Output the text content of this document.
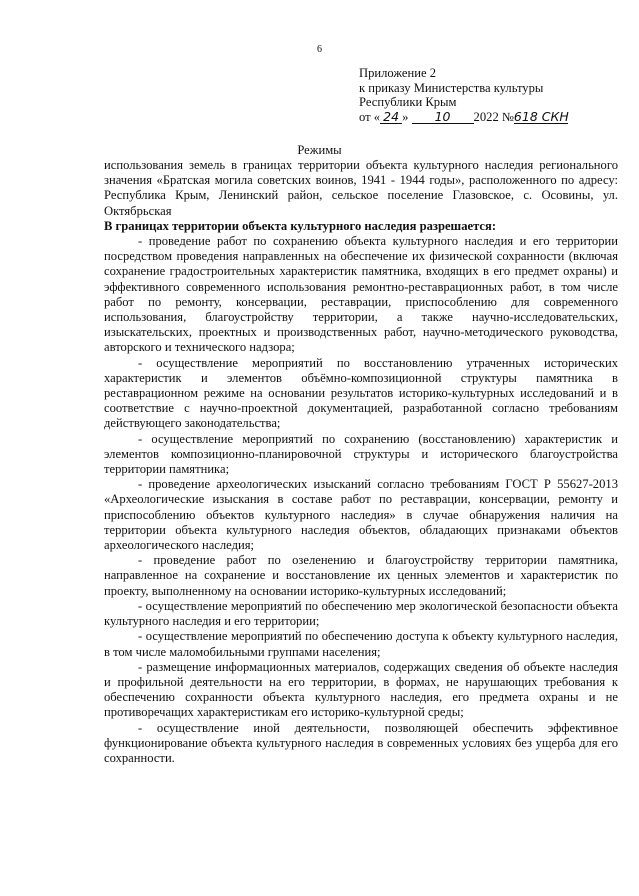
6
Приложение 2
к приказу Министерства культуры
Республики Крым
от « 24 » 10 2022 №618 СКН
Режимы

использования земель в границах территории объекта культурного наследия регионального значения «Братская могила советских воинов, 1941 - 1944 годы», расположенного по адресу: Республика Крым, Ленинский район, сельское поселение Глазовское, с. Осовины, ул. Октябрьская

В границах территории объекта культурного наследия разрешается:

- проведение работ по сохранению объекта культурного наследия и его территории посредством проведения направленных на обеспечение их физической сохранности (включая сохранение градостроительных характеристик памятника, входящих в его предмет охраны) и эффективного современного использования ремонтно-реставрационных работ, в том числе работ по ремонту, консервации, реставрации, приспособлению для современного использования, благоустройству территории, а также научно-исследовательских, изыскательских, проектных и производственных работ, научно-методического руководства, авторского и технического надзора;

- осуществление мероприятий по восстановлению утраченных исторических характеристик и элементов объёмно-композиционной структуры памятника в реставрационном режиме на основании результатов историко-культурных исследований и в соответствие с научно-проектной документацией, разработанной согласно требованиям действующего законодательства;

- осуществление мероприятий по сохранению (восстановлению) характеристик и элементов композиционно-планировочной структуры и исторического благоустройства территории памятника;

- проведение археологических изысканий согласно требованиям ГОСТ Р 55627-2013 «Археологические изыскания в составе работ по реставрации, консервации, ремонту и приспособлению объектов культурного наследия» в случае обнаружения наличия на территории объекта культурного наследия объектов, обладающих признаками объектов археологического наследия;

- проведение работ по озеленению и благоустройству территории памятника, направленное на сохранение и восстановление их ценных элементов и характеристик по проекту, выполненному на основании историко-культурных исследований;

- осуществление мероприятий по обеспечению мер экологической безопасности объекта культурного наследия и его территории;

- осуществление мероприятий по обеспечению доступа к объекту культурного наследия, в том числе маломобильными группами населения;

- размещение информационных материалов, содержащих сведения об объекте наследия и профильной деятельности на его территории, в формах, не нарушающих требования к обеспечению сохранности объекта культурного наследия, его предмета охраны и не противоречащих характеристикам его историко-культурной среды;

- осуществление иной деятельности, позволяющей обеспечить эффективное функционирование объекта культурного наследия в современных условиях без ущерба для его сохранности.
